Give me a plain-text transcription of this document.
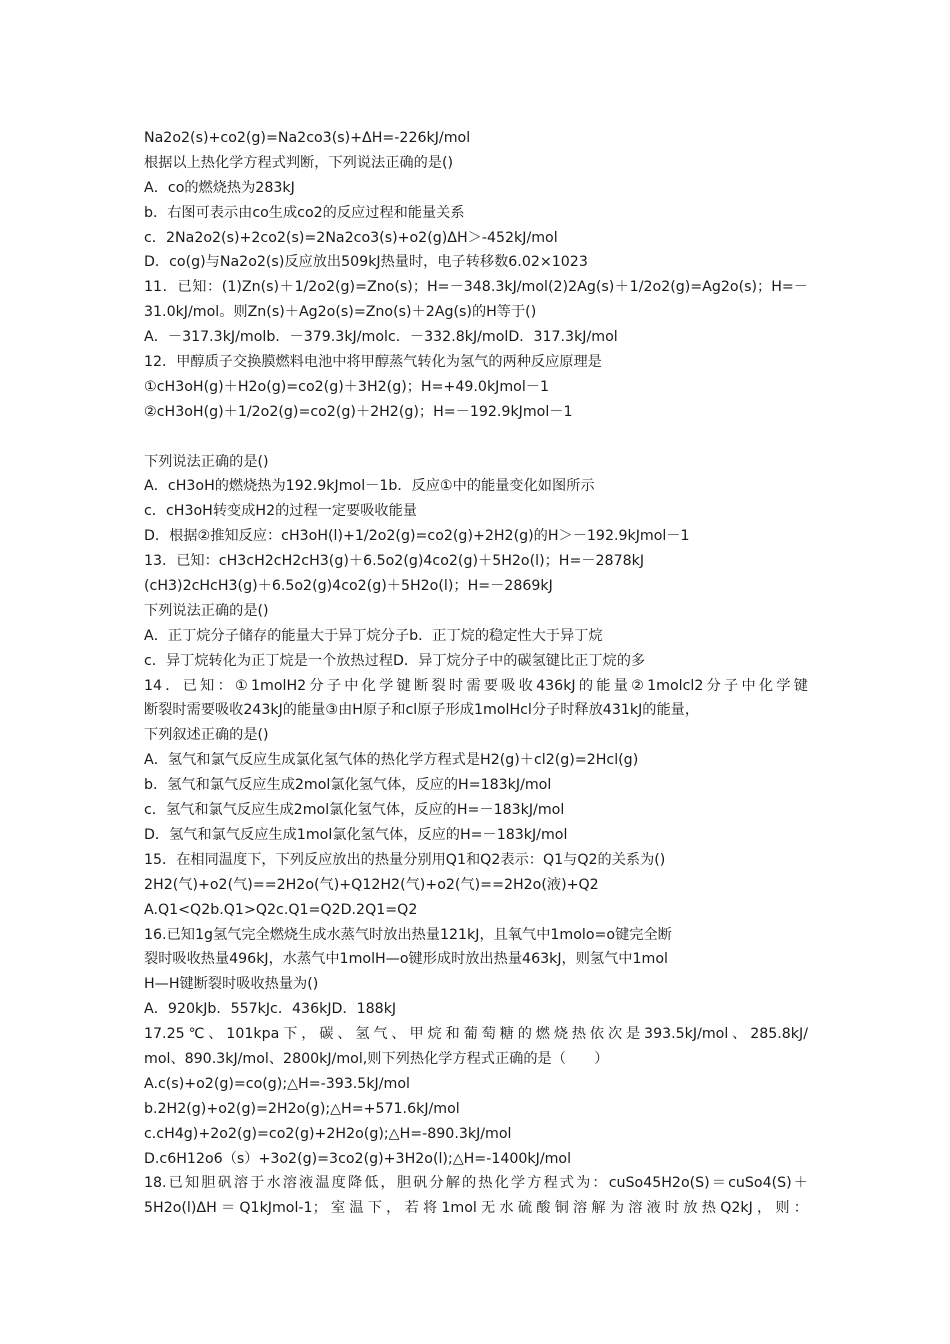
Na2o2(s)+co2(g)=Na2co3(s)+ΔH=-226kJ/mol
根据以上热化学方程式判断，下列说法正确的是()
A．co的燃烧热为283kJ
b．右图可表示由co生成co2的反应过程和能量关系
c．2Na2o2(s)+2co2(s)=2Na2co3(s)+o2(g)ΔH＞-452kJ/mol
D．co(g)与Na2o2(s)反应放出509kJ热量时，电子转移数6.02×1023
11．已知：(1)Zn(s)＋1/2o2(g)=Zno(s)；H=－348.3kJ/mol(2)2Ag(s)＋1/2o2(g)=Ag2o(s)；H=－
31.0kJ/mol。则Zn(s)＋Ag2o(s)=Zno(s)＋2Ag(s)的H等于()
A．－317.3kJ/molb．－379.3kJ/molc．－332.8kJ/molD．317.3kJ/mol
12．甲醇质子交换膜燃料电池中将甲醇蒸气转化为氢气的两种反应原理是
①cH3oH(g)＋H2o(g)=co2(g)＋3H2(g)；H=+49.0kJmol－1
②cH3oH(g)＋1/2o2(g)=co2(g)＋2H2(g)；H=－192.9kJmol－1
下列说法正确的是()
A．cH3oH的燃烧热为192.9kJmol－1b．反应①中的能量变化如图所示
c．cH3oH转变成H2的过程一定要吸收能量
D．根据②推知反应：cH3oH(l)+1/2o2(g)=co2(g)+2H2(g)的H＞－192.9kJmol－1
13．已知：cH3cH2cH2cH3(g)＋6.5o2(g)4co2(g)＋5H2o(l)；H=－2878kJ
(cH3)2cHcH3(g)＋6.5o2(g)4co2(g)＋5H2o(l)；H=－2869kJ
下列说法正确的是()
A．正丁烷分子储存的能量大于异丁烷分子b．正丁烷的稳定性大于异丁烷
c．异丁烷转化为正丁烷是一个放热过程D．异丁烷分子中的碳氢键比正丁烷的多
14．已知：①1molH2分子中化学键断裂时需要吸收436kJ的能量②1molcl2分子中化学键
断裂时需要吸收243kJ的能量③由H原子和cl原子形成1molHcl分子时释放431kJ的能量，
下列叙述正确的是()
A．氢气和氯气反应生成氯化氢气体的热化学方程式是H2(g)＋cl2(g)=2Hcl(g)
b．氢气和氯气反应生成2mol氯化氢气体，反应的H=183kJ/mol
c．氢气和氯气反应生成2mol氯化氢气体，反应的H=－183kJ/mol
D．氢气和氯气反应生成1mol氯化氢气体，反应的H=－183kJ/mol
15．在相同温度下，下列反应放出的热量分别用Q1和Q2表示：Q1与Q2的关系为()
2H2(气)+o2(气)==2H2o(气)+Q12H2(气)+o2(气)==2H2o(液)+Q2
A.Q1<Q2b.Q1>Q2c.Q1=Q2D.2Q1=Q2
16.已知1g氢气完全燃烧生成水蒸气时放出热量121kJ，且氧气中1molo=o键完全断
裂时吸收热量496kJ，水蒸气中1molH—o键形成时放出热量463kJ，则氢气中1mol
H—H键断裂时吸收热量为()
A．920kJb．557kJc．436kJD．188kJ
17.25℃、101kpa下，碳、氢气、甲烷和葡萄糖的燃烧热依次是393.5kJ/mol、285.8kJ/
mol、890.3kJ/mol、2800kJ/mol,则下列热化学方程式正确的是（　　）
A.c(s)+o2(g)=co(g);△H=-393.5kJ/mol
b.2H2(g)+o2(g)=2H2o(g);△H=+571.6kJ/mol
c.cH4g)+2o2(g)=co2(g)+2H2o(g);△H=-890.3kJ/mol
D.c6H12o6（s）+3o2(g)=3co2(g)+3H2o(l);△H=-1400kJ/mol
18.已知胆矾溶于水溶液温度降低，胆矾分解的热化学方程式为：cuSo45H2o(S)＝cuSo4(S)＋
5H2o(l)ΔH＝Q1kJmol-1；室温下，若将1mol无水硫酸铜溶解为溶液时放热Q2kJ，则：
